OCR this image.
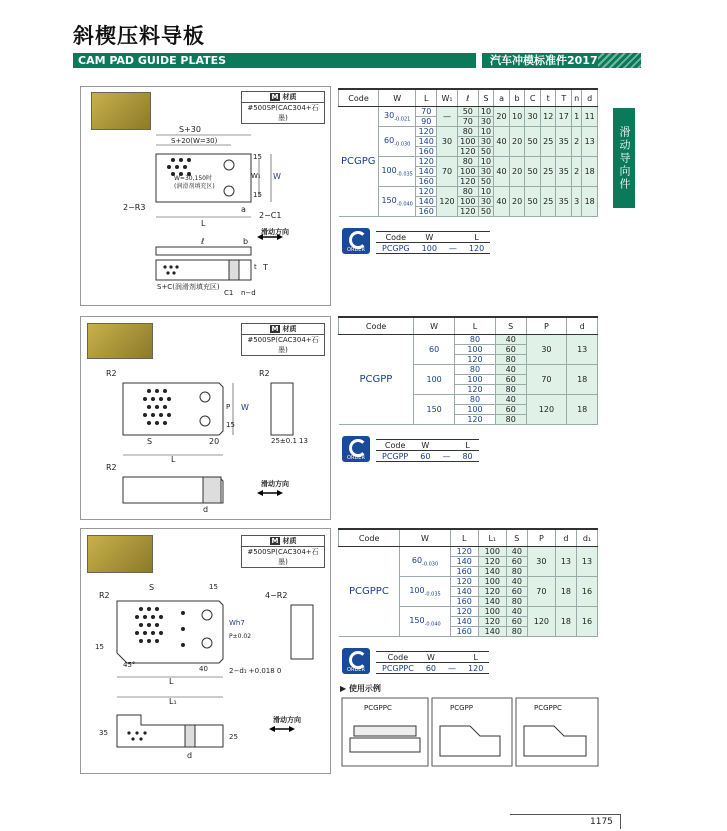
斜楔压料导板
CAM PAD GUIDE PLATES	汽车冲模标准件2017
滑动导向件
M 材质
#500SP(CAC304+石墨)
S+30
S+20(W=30)
W=30,150时 (润滑剂填充区)
2−R3
L
a
2−C1
W
W₁
15
15
ℓ	b
T
t
S+C(润滑剂填充区)
C1 n−d
滑动方向
Code	W	L	W₁	ℓ	S	a	b	C	t	T	n	d
PCGPG	$30_{-0.021}$	70	—	50	10	20	10	30	12	17	1	11
		90		70	30							
	$60_{-0.030}$	120	30	80	10	40	20	50	25	35	2	13
		140		100	30							
		160		120	50							
	$100_{-0.035}$	120	70	80	10	40	20	50	25	35	2	18
		140		100	30							
		160		120	50							
	$150_{-0.040}$	120	120	80	10	40	20	50	25	35	3	18
		140		100	30							
		160		120	50							
ORDER
Code	W		L
PCGPG	100	—	120
M 材质
#500SP(CAC304+石墨)
R2	R2
R2
S	20
L
W
P
15
25±0.1 13
d
滑动方向
Code	W	L	S	P	d
PCGPP	60	80	40	30	13
		100	60		
		120	80		
	100	80	40	70	18
		100	60		
		120	80		
	150	80	40	120	18
		100	60		
		120	80		
ORDER
Code	W		L
PCGPP	60	—	80
M 材质
#500SP(CAC304+石墨)
R2	4−R2
S	15
15
40
45°
L
L₁
Wh7
P±0.02
2−d₁ +0.018 0
35	25
d
滑动方向
Code	W	L	L₁	S	P	d	d₁
PCGPPC	$60_{-0.030}$	120	100	40	30	13	13
		140	120	60			
		160	140	80			
	$100_{-0.035}$	120	100	40	70	18	16
		140	120	60			
		160	140	80			
	$150_{-0.040}$	120	100	40	120	18	16
		140	120	60			
		160	140	80			
ORDER
Code	W		L
PCGPPC	60	—	120
▶ 使用示例
PCGPPC	PCGPP	PCGPPC
1175
